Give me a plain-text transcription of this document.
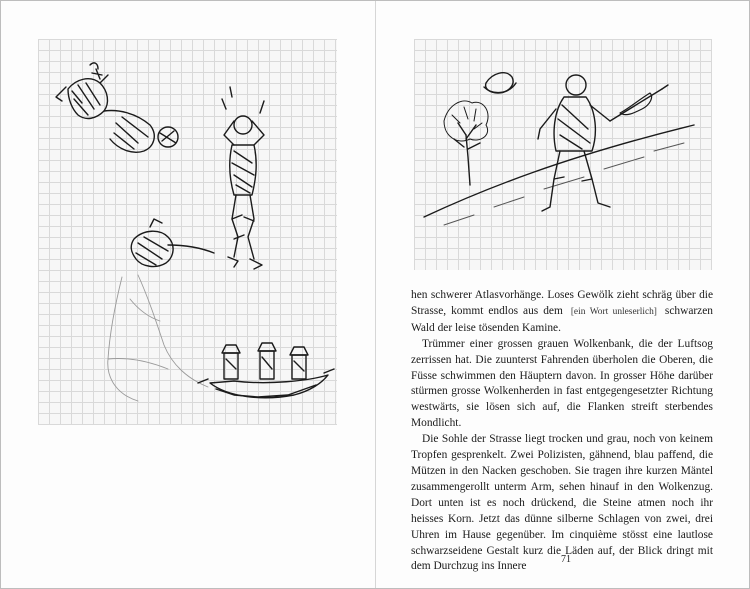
hen schwerer Atlasvorhänge. Loses Gewölk zieht schräg über die Strasse, kommt endlos aus dem [ein Wort unleserlich] schwarzen Wald der leise tösenden Kamine.

Trümmer einer grossen grauen Wolkenbank, die der Luftsog zerrissen hat. Die zuunterst Fahrenden überholen die Oberen, die Füsse schwimmen den Häuptern davon. In grosser Höhe darüber stürmen grosse Wolkenherden in fast entgegengesetzter Richtung westwärts, sie lösen sich auf, die Flanken streift sterbendes Mondlicht.

Die Sohle der Strasse liegt trocken und grau, noch von keinem Tropfen gesprenkelt. Zwei Polizisten, gähnend, blau paffend, die Mützen in den Nacken geschoben. Sie tragen ihre kurzen Mäntel zusammengerollt unterm Arm, sehen hinauf in den Wolkenzug. Dort unten ist es noch drückend, die Steine atmen noch ihr heisses Korn. Jetzt das dünne silberne Schlagen von zwei, drei Uhren im Hause gegenüber. Im cinquième stösst eine lautlose schwarzseidene Gestalt kurz die Läden auf, der Blick dringt mit dem Durchzug ins Innere

71
